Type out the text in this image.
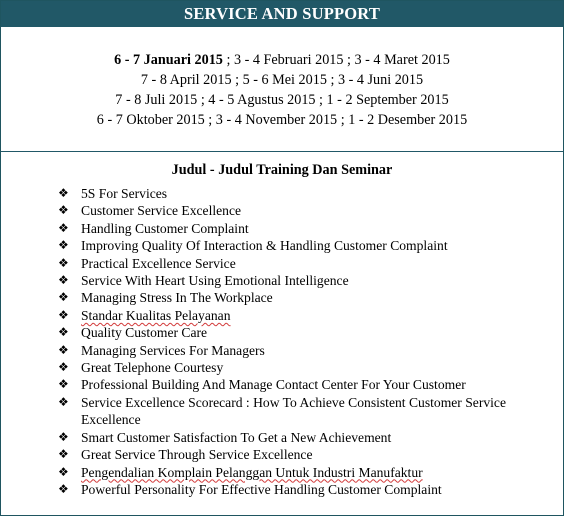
SERVICE AND SUPPORT
6 - 7 Januari 2015 ; 3 - 4 Februari 2015 ; 3 - 4 Maret 2015
7 - 8 April 2015 ; 5 - 6 Mei 2015 ; 3 - 4 Juni 2015
7 - 8 Juli 2015 ; 4 - 5 Agustus 2015 ; 1 - 2 September 2015
6 - 7 Oktober 2015 ; 3 - 4 November 2015 ; 1 - 2 Desember 2015
Judul - Judul Training Dan Seminar
❖ 5S For Services
❖ Customer Service Excellence
❖ Handling Customer Complaint
❖ Improving Quality Of Interaction & Handling Customer Complaint
❖ Practical Excellence Service
❖ Service With Heart Using Emotional Intelligence
❖ Managing Stress In The Workplace
❖ Standar Kualitas Pelayanan
❖ Quality Customer Care
❖ Managing Services For Managers
❖ Great Telephone Courtesy
❖ Professional Building And Manage Contact Center For Your Customer
❖ Service Excellence Scorecard : How To Achieve Consistent Customer Service Excellence
❖ Smart Customer Satisfaction To Get a New Achievement
❖ Great Service Through Service Excellence
❖ Pengendalian Komplain Pelanggan Untuk Industri Manufaktur
❖ Powerful Personality For Effective Handling Customer Complaint
